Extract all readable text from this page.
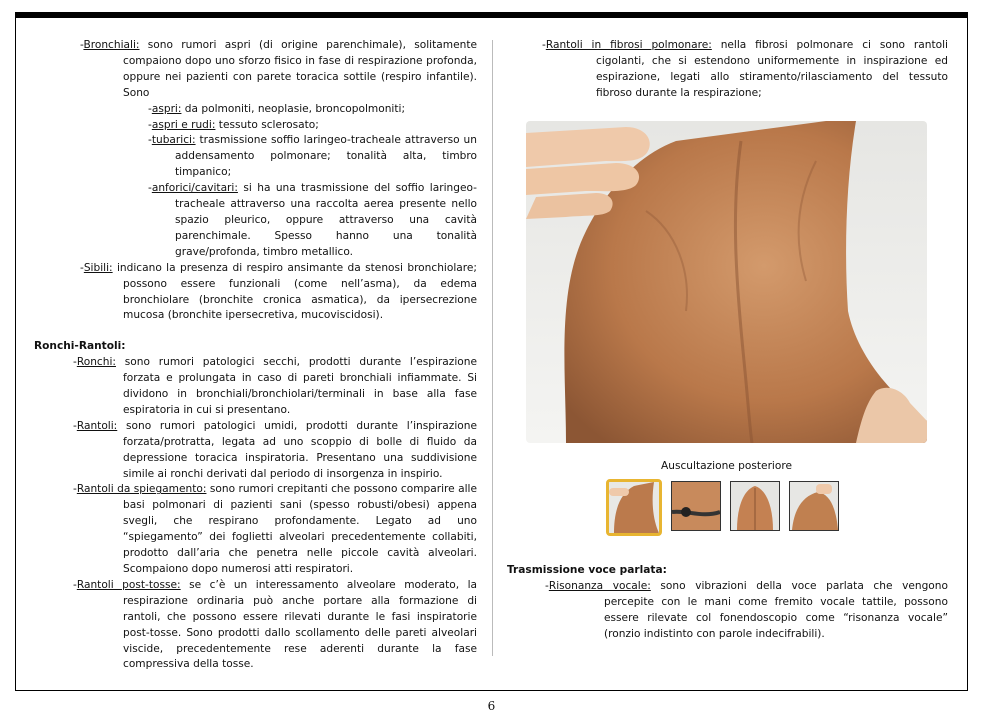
-Bronchiali: sono rumori aspri (di origine parenchimale), solitamente compaiono dopo uno sforzo fisico in fase di respirazione profonda, oppure nei pazienti con parete toracica sottile (respiro infantile). Sono

-aspri: da polmoniti, neoplasie, broncopolmoniti;

-aspri e rudi: tessuto sclerosato;

-tubarici: trasmissione soffio laringeo-tracheale attraverso un addensamento polmonare; tonalità alta, timbro timpanico;

-anforici/cavitari: si ha una trasmissione del soffio laringeo-tracheale attraverso una raccolta aerea presente nello spazio pleurico, oppure attraverso una cavità parenchimale. Spesso hanno una tonalità grave/profonda, timbro metallico.

-Sibili: indicano la presenza di respiro ansimante da stenosi bronchiolare; possono essere funzionali (come nell’asma), da edema bronchiolare (bronchite cronica asmatica), da ipersecrezione mucosa (bronchite ipersecretiva, mucoviscidosi).

Ronchi-Rantoli:

-Ronchi: sono rumori patologici secchi, prodotti durante l’espirazione forzata e prolungata in caso di pareti bronchiali infiammate. Si dividono in bronchiali/bronchiolari/terminali in base alla fase espiratoria in cui si presentano.

-Rantoli: sono rumori patologici umidi, prodotti durante l’inspirazione forzata/protratta, legata ad uno scoppio di bolle di fluido da depressione toracica inspiratoria. Presentano una suddivisione simile ai ronchi derivati dal periodo di insorgenza in inspirio.

-Rantoli da spiegamento: sono rumori crepitanti che possono comparire alle basi polmonari di pazienti sani (spesso robusti/obesi) appena svegli, che respirano profondamente. Legato ad uno “spiegamento” dei foglietti alveolari precedentemente collabiti, prodotto dall’aria che penetra nelle piccole cavità alveolari. Scompaiono dopo numerosi atti respiratori.

-Rantoli post-tosse: se c’è un interessamento alveolare moderato, la respirazione ordinaria può anche portare alla formazione di rantoli, che possono essere rilevati durante le fasi inspiratorie post-tosse. Sono prodotti dallo scollamento delle pareti alveolari viscide, precedentemente rese aderenti durante la fase compressiva della tosse.

-Rantoli in fibrosi polmonare: nella fibrosi polmonare ci sono rantoli cigolanti, che si estendono uniformemente in inspirazione ed espirazione, legati allo stiramento/rilasciamento del tessuto fibroso durante la respirazione;

Auscultazione posteriore
Trasmissione voce parlata:

-Risonanza vocale: sono vibrazioni della voce parlata che vengono percepite con le mani come fremito vocale tattile, possono essere rilevate col fonendoscopio come “risonanza vocale” (ronzio indistinto con parole indecifrabili).

6
